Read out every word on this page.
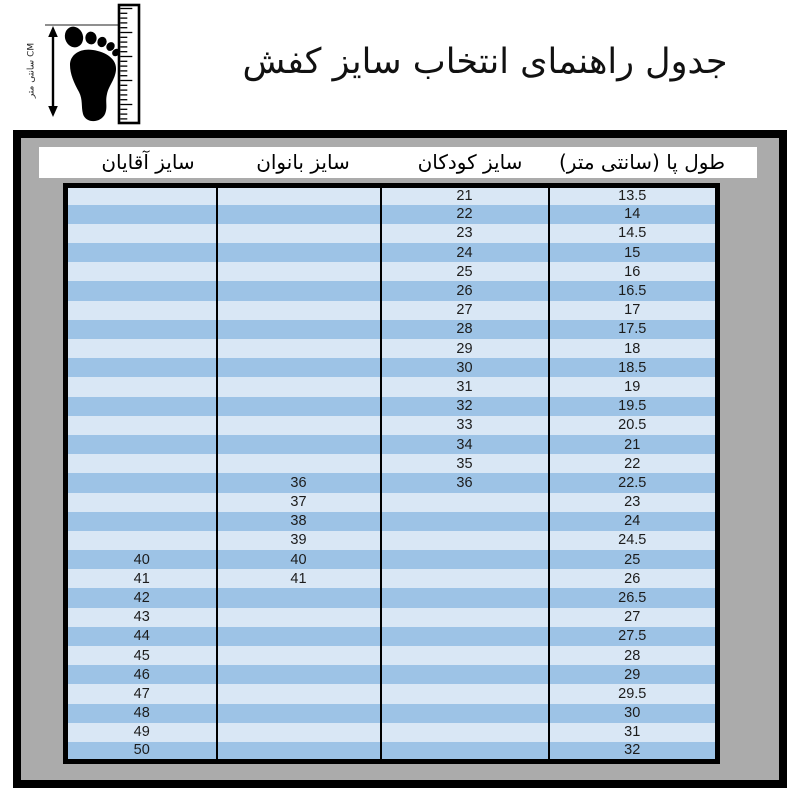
جدول راهنمای انتخاب سایز کفش
CM سانتی متر
سایز آقایان	سایز بانوان	سایز کودکان طول پا (سانتی متر)
		21	13.5
		22	14
		23	14.5
		24	15
		25	16
		26	16.5
		27	17
		28	17.5
		29	18
		30	18.5
		31	19
		32	19.5
		33	20.5
		34	21
		35	22
	36	36	22.5
	37		23
	38		24
	39		24.5
40	40		25
41	41		26
42			26.5
43			27
44			27.5
45			28
46			29
47			29.5
48			30
49			31
50			32
